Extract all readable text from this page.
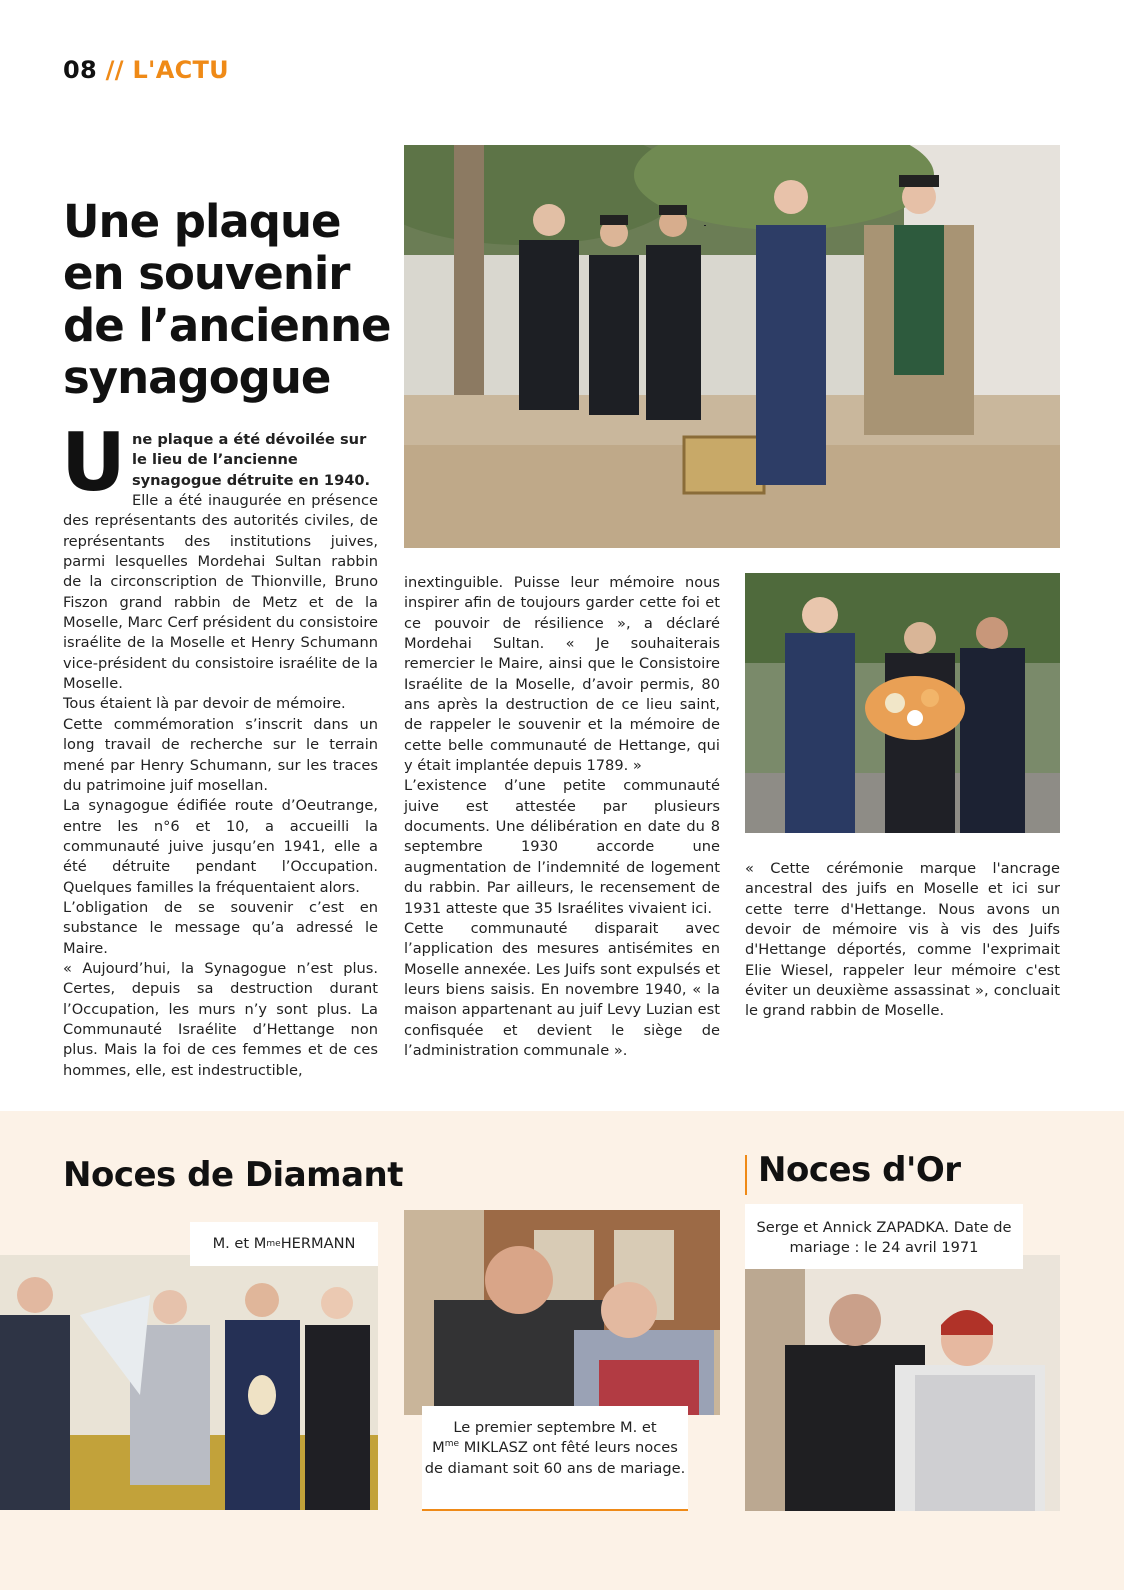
08 // L'ACTU
Une plaque en souvenir de l’ancienne synagogue
U ne plaque a été dévoilée sur le lieu de l’ancienne synagogue détruite en 1940.

Elle a été inaugurée en présence des représentants des autorités civiles, de représentants des institutions juives, parmi lesquelles Mordehai Sultan rabbin de la circonscription de Thionville, Bruno Fiszon grand rabbin de Metz et de la Moselle, Marc Cerf président du consistoire israélite de la Moselle et Henry Schumann vice-président du consistoire israélite de la Moselle.

Tous étaient là par devoir de mémoire.

Cette commémoration s’inscrit dans un long travail de recherche sur le terrain mené par Henry Schumann, sur les traces du patrimoine juif mosellan.

La synagogue édifiée route d’Oeutrange, entre les n°6 et 10, a accueilli la communauté juive jusqu’en 1941, elle a été détruite pendant l’Occupation. Quelques familles la fréquentaient alors.

L’obligation de se souvenir c’est en substance le message qu’a adressé le Maire.

« Aujourd’hui, la Synagogue n’est plus. Certes, depuis sa destruction durant l’Occupation, les murs n’y sont plus. La Communauté Israélite d’Hettange non plus. Mais la foi de ces femmes et de ces hommes, elle, est indestructible,

inextinguible. Puisse leur mémoire nous inspirer afin de toujours garder cette foi et ce pouvoir de résilience », a déclaré Mordehai Sultan. « Je souhaiterais remercier le Maire, ainsi que le Consistoire Israélite de la Moselle, d’avoir permis, 80 ans après la destruction de ce lieu saint, de rappeler le souvenir et la mémoire de cette belle communauté de Hettange, qui y était implantée depuis 1789. »

L’existence d’une petite communauté juive est attestée par plusieurs documents. Une délibération en date du 8 septembre 1930 accorde une augmentation de l’indemnité de logement du rabbin. Par ailleurs, le recensement de 1931 atteste que 35 Israélites vivaient ici.

Cette communauté disparait avec l’application des mesures antisémites en Moselle annexée. Les Juifs sont expulsés et leurs biens saisis. En novembre 1940, « la maison appartenant au juif Levy Luzian est confisquée et devient le siège de l’administration communale ».

« Cette cérémonie marque l'ancrage ancestral des juifs en Moselle et ici sur cette terre d'Hettange. Nous avons un devoir de mémoire vis à vis des Juifs d'Hettange déportés, comme l'exprimait Elie Wiesel, rappeler leur mémoire c'est éviter un deuxième assassinat », concluait le grand rabbin de Moselle.

Noces de Diamant	Noces d'Or
M. et M me HERMANN
Le premier septembre M. et
$M^{me}$ MIKLASZ ont fêté leurs noces de diamant soit 60 ans de mariage.
Serge et Annick ZAPADKA. Date de mariage : le 24 avril 1971
